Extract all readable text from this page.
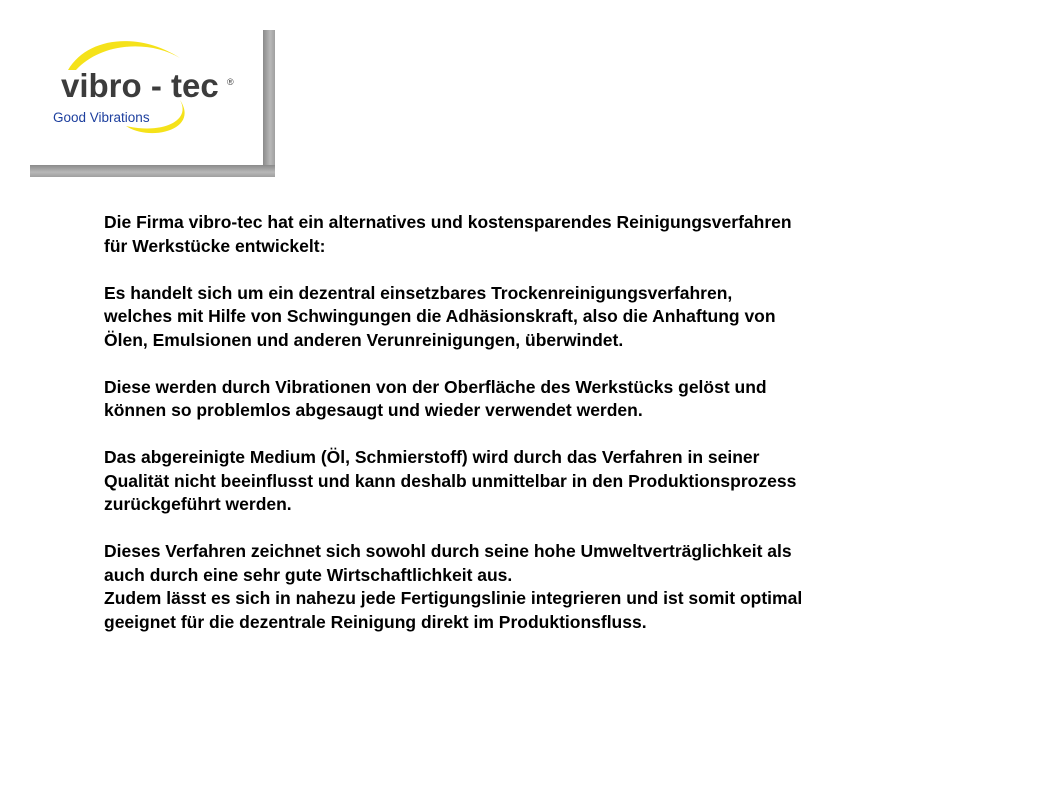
vibro - tec ®
Good Vibrations

Die Firma vibro-tec hat ein alternatives und kostensparendes Reinigungsverfahren
für Werkstücke entwickelt:

Es handelt sich um ein dezentral einsetzbares Trockenreinigungsverfahren,
welches mit Hilfe von Schwingungen die Adhäsionskraft, also die Anhaftung von
Ölen, Emulsionen und anderen Verunreinigungen, überwindet.

Diese werden durch Vibrationen von der Oberfläche des Werkstücks gelöst und
können so problemlos abgesaugt und wieder verwendet werden.

Das abgereinigte Medium (Öl, Schmierstoff) wird durch das Verfahren in seiner
Qualität nicht beeinflusst und kann deshalb unmittelbar in den Produktionsprozess
zurückgeführt werden.

Dieses Verfahren zeichnet sich sowohl durch seine hohe Umweltverträglichkeit als
auch durch eine sehr gute Wirtschaftlichkeit aus.

Zudem lässt es sich in nahezu jede Fertigungslinie integrieren und ist somit optimal
geeignet für die dezentrale Reinigung direkt im Produktionsfluss.
